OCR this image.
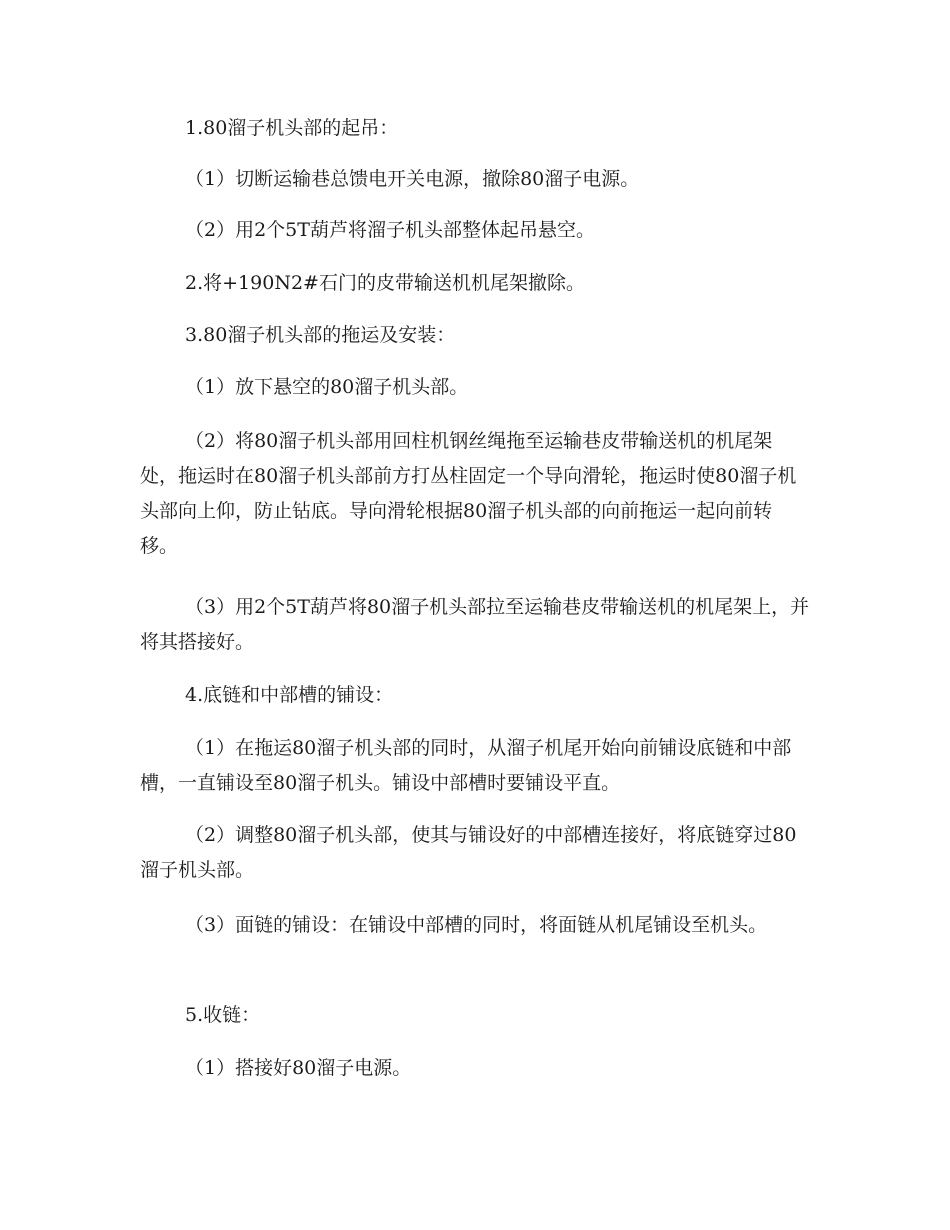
1.80溜子机头部的起吊：

（1）切断运输巷总馈电开关电源，撤除80溜子电源。

（2）用2个5T葫芦将溜子机头部整体起吊悬空。

2.将+190N2#石门的皮带输送机机尾架撤除。

3.80溜子机头部的拖运及安装：

（1）放下悬空的80溜子机头部。

（2）将80溜子机头部用回柱机钢丝绳拖至运输巷皮带输送机的机尾架处，拖运时在80溜子机头部前方打丛柱固定一个导向滑轮，拖运时使80溜子机头部向上仰，防止钻底。导向滑轮根据80溜子机头部的向前拖运一起向前转移。

（3）用2个5T葫芦将80溜子机头部拉至运输巷皮带输送机的机尾架上，并将其搭接好。

4.底链和中部槽的铺设：

（1）在拖运80溜子机头部的同时，从溜子机尾开始向前铺设底链和中部槽，一直铺设至80溜子机头。铺设中部槽时要铺设平直。

（2）调整80溜子机头部，使其与铺设好的中部槽连接好，将底链穿过80溜子机头部。

（3）面链的铺设：在铺设中部槽的同时，将面链从机尾铺设至机头。

5.收链：

（1）搭接好80溜子电源。
